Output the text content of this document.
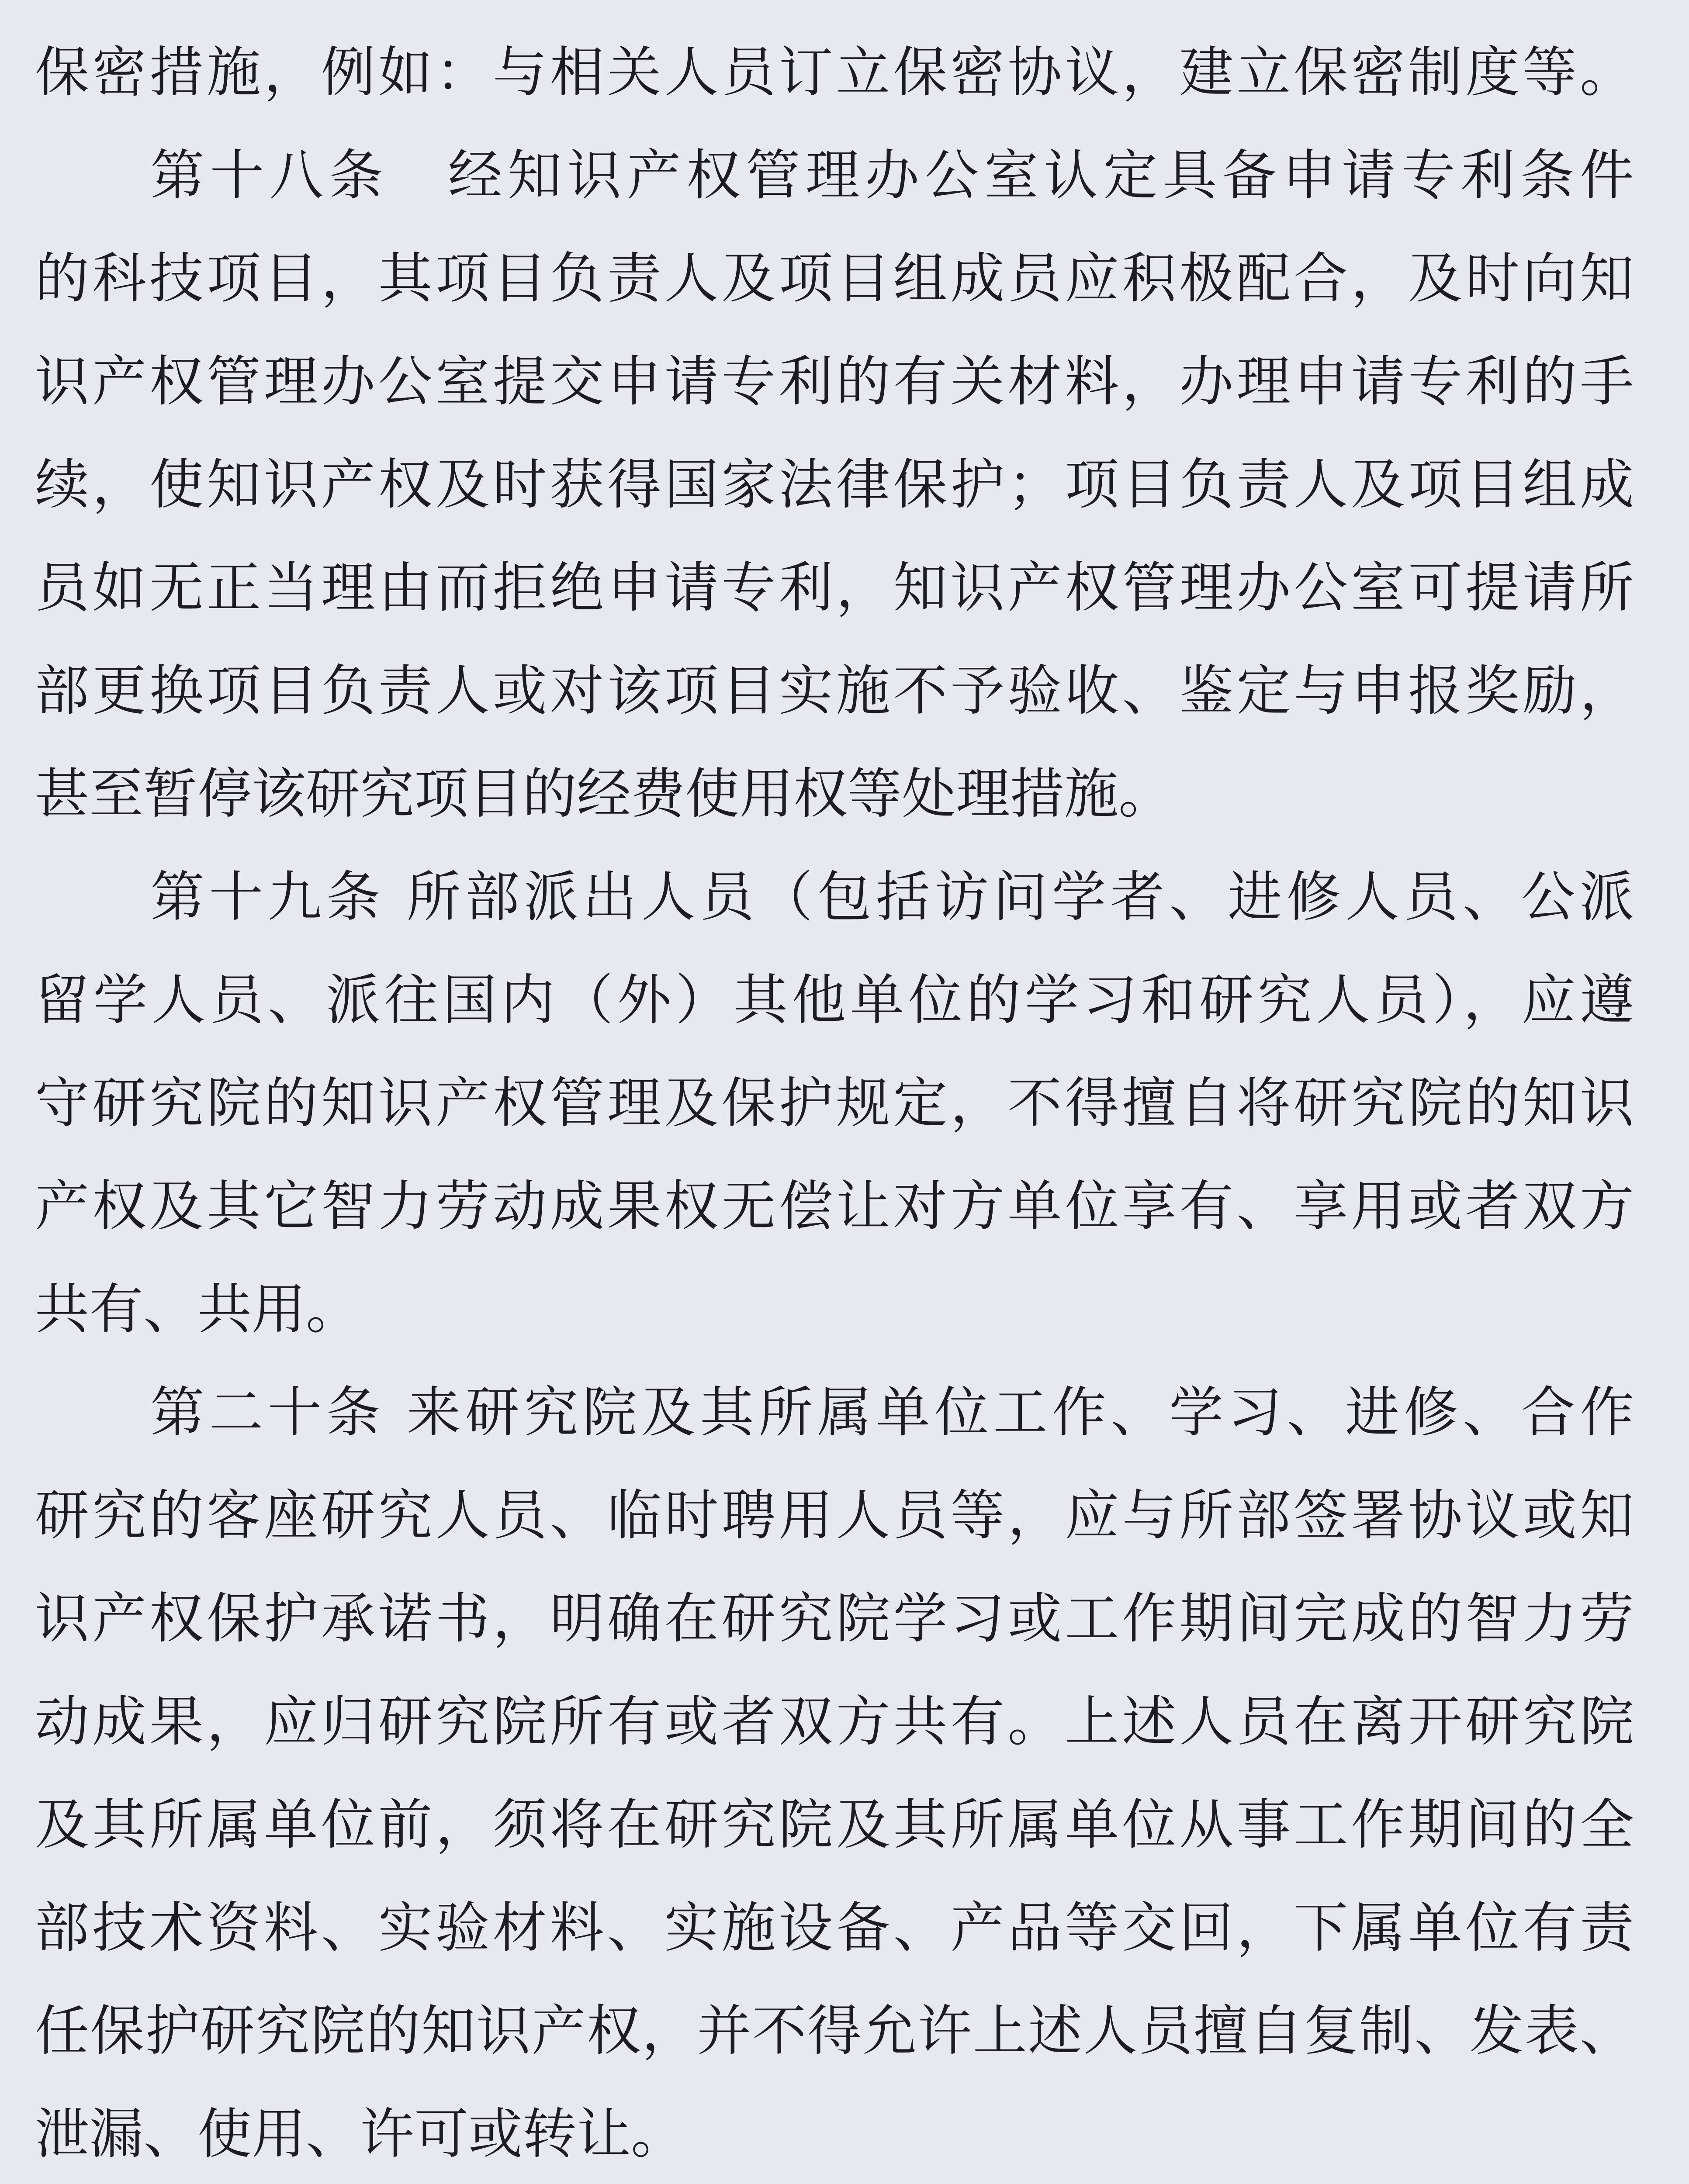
保密措施，例如：与相关人员订立保密协议，建立保密制度等。
第十八条　经知识产权管理办公室认定具备申请专利条件
的科技项目，其项目负责人及项目组成员应积极配合，及时向知
识产权管理办公室提交申请专利的有关材料，办理申请专利的手
续，使知识产权及时获得国家法律保护；项目负责人及项目组成
员如无正当理由而拒绝申请专利，知识产权管理办公室可提请所
部更换项目负责人或对该项目实施不予验收、鉴定与申报奖励，
甚至暂停该研究项目的经费使用权等处理措施。
第十九条 所部派出人员（包括访问学者、进修人员、公派
留学人员、派往国内（外）其他单位的学习和研究人员），应遵
守研究院的知识产权管理及保护规定，不得擅自将研究院的知识
产权及其它智力劳动成果权无偿让对方单位享有、享用或者双方
共有、共用。
第二十条 来研究院及其所属单位工作、学习、进修、合作
研究的客座研究人员、临时聘用人员等，应与所部签署协议或知
识产权保护承诺书，明确在研究院学习或工作期间完成的智力劳
动成果，应归研究院所有或者双方共有。上述人员在离开研究院
及其所属单位前，须将在研究院及其所属单位从事工作期间的全
部技术资料、实验材料、实施设备、产品等交回，下属单位有责
任保护研究院的知识产权，并不得允许上述人员擅自复制、发表、
泄漏、使用、许可或转让。
